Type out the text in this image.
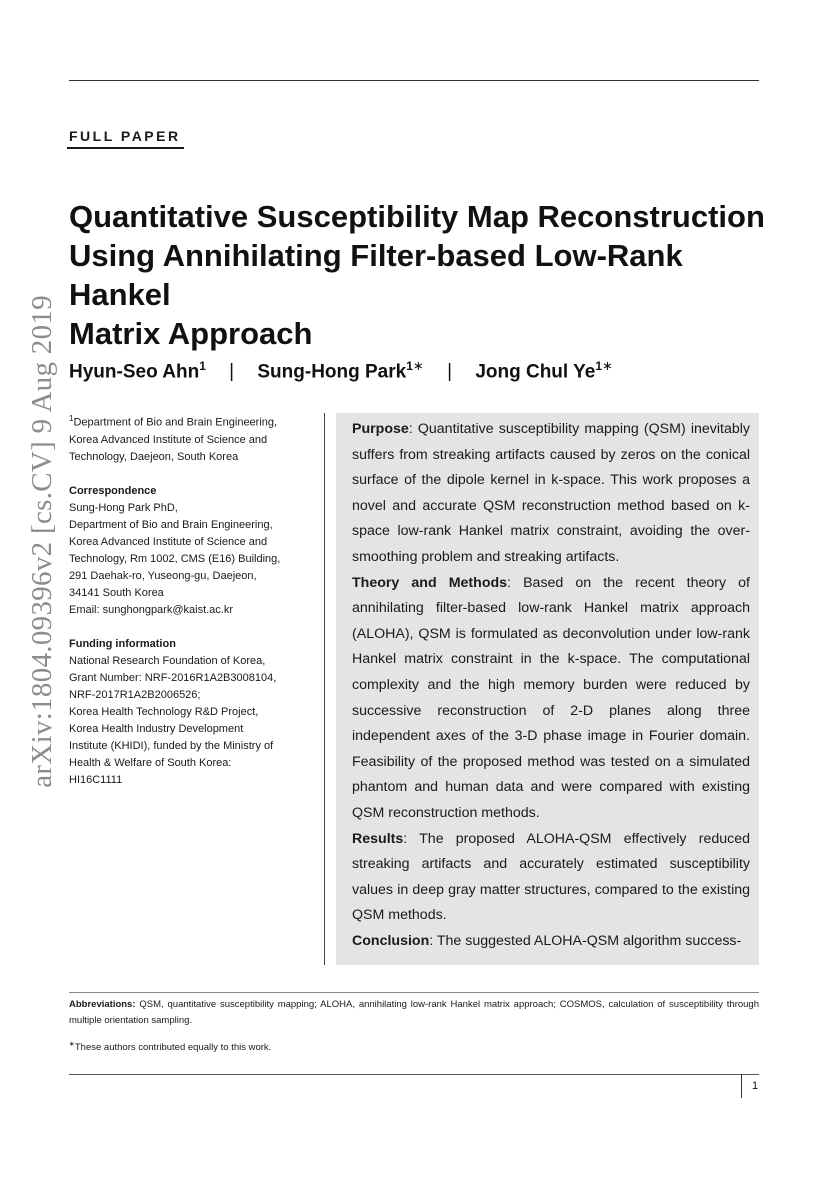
FULL PAPER
arXiv:1804.09396v2 [cs.CV] 9 Aug 2019
Quantitative Susceptibility Map Reconstruction
Using Annihilating Filter-based Low-Rank Hankel
Matrix Approach
Hyun-Seo Ahn$^1$ | Sung-Hong Park$^{1∗}$ | Jong Chul $Ye^{1∗}$

$^1$Department of Bio and Brain Engineering,

Korea Advanced Institute of Science and

Technology, Daejeon, South Korea

Correspondence

Sung-Hong Park PhD,

Department of Bio and Brain Engineering,

Korea Advanced Institute of Science and

Technology, Rm 1002, CMS (E16) Building,

291 Daehak-ro, Yuseong-gu, Daejeon,

34141 South Korea

Email: sunghongpark@kaist.ac.kr

Funding information

National Research Foundation of Korea,

Grant Number: NRF-2016R1A2B3008104,

NRF-2017R1A2B2006526;

Korea Health Technology R&D Project,

Korea Health Industry Development

Institute (KHIDI), funded by the Ministry of

Health & Welfare of South Korea:

HI16C1111

Purpose: Quantitative susceptibility mapping (QSM) inevitably suffers from streaking artifacts caused by zeros on the conical surface of the dipole kernel in k-space. This work proposes a novel and accurate QSM reconstruction method based on k-space low-rank Hankel matrix constraint, avoiding the over-smoothing problem and streaking artifacts.

Theory and Methods: Based on the recent theory of annihilating filter-based low-rank Hankel matrix approach (ALOHA), QSM is formulated as deconvolution under low-rank Hankel matrix constraint in the k-space. The computational complexity and the high memory burden were reduced by successive reconstruction of 2-D planes along three independent axes of the 3-D phase image in Fourier domain. Feasibility of the proposed method was tested on a simulated phantom and human data and were compared with existing QSM reconstruction methods.

Results: The proposed ALOHA-QSM effectively reduced streaking artifacts and accurately estimated susceptibility values in deep gray matter structures, compared to the existing QSM methods.

Conclusion: The suggested ALOHA-QSM algorithm success-

Abbreviations: QSM, quantitative susceptibility mapping; ALOHA, annihilating low-rank Hankel matrix approach; COSMOS, calculation of susceptibility through multiple orientation sampling.
∗These authors contributed equally to this work.
1
